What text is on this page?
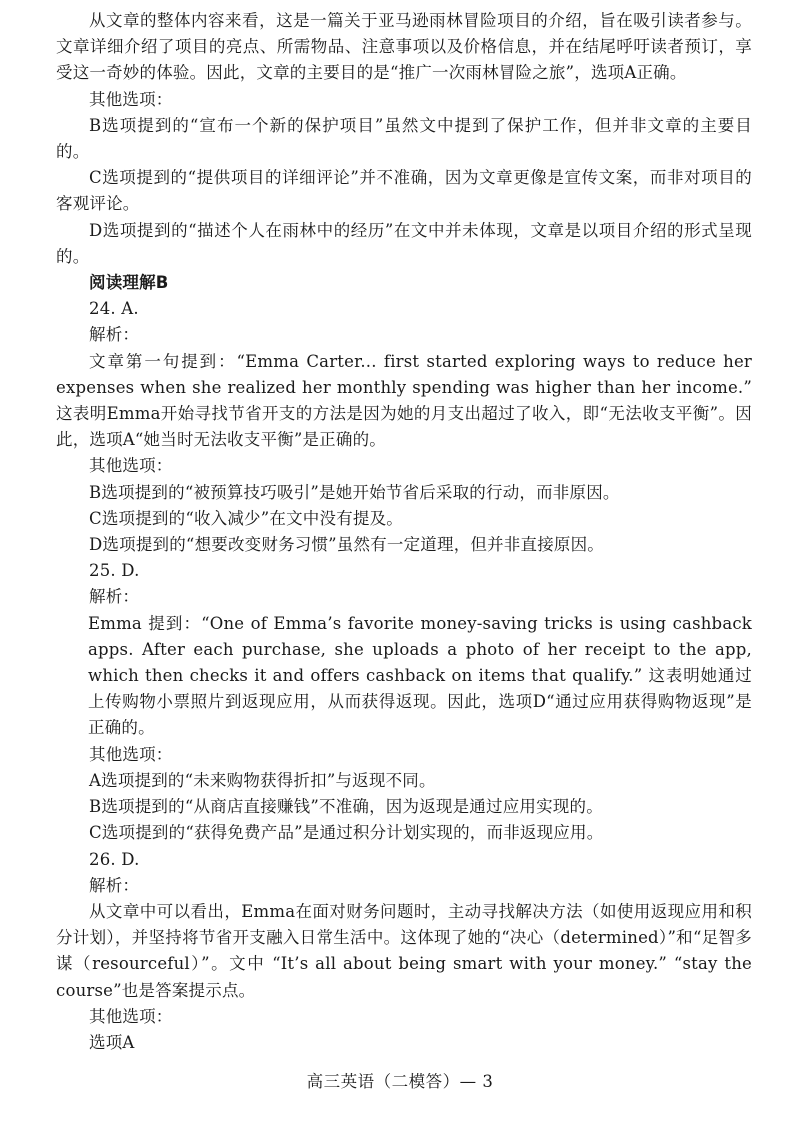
从文章的整体内容来看，这是一篇关于亚马逊雨林冒险项目的介绍，旨在吸引读者参与。文章详细介绍了项目的亮点、所需物品、注意事项以及价格信息，并在结尾呼吁读者预订，享受这一奇妙的体验。因此，文章的主要目的是“推广一次雨林冒险之旅”，选项A正确。

其他选项：

B选项提到的“宣布一个新的保护项目”虽然文中提到了保护工作，但并非文章的主要目的。

C选项提到的“提供项目的详细评论”并不准确，因为文章更像是宣传文案，而非对项目的客观评论。

D选项提到的“描述个人在雨林中的经历”在文中并未体现，文章是以项目介绍的形式呈现的。

阅读理解B

24. A.

解析：

文章第一句提到：“Emma Carter... first started exploring ways to reduce her expenses when she realized her monthly spending was higher than her income.” 这表明Emma开始寻找节省开支的方法是因为她的月支出超过了收入，即“无法收支平衡”。因此，选项A“她当时无法收支平衡”是正确的。

其他选项：

B选项提到的“被预算技巧吸引”是她开始节省后采取的行动，而非原因。

C选项提到的“收入减少”在文中没有提及。

D选项提到的“想要改变财务习惯”虽然有一定道理，但并非直接原因。

25. D.

解析：

Emma 提到：“One of Emma’s favorite money-saving tricks is using cashback apps. After each purchase, she uploads a photo of her receipt to the app, which then checks it and offers cashback on items that qualify.” 这表明她通过上传购物小票照片到返现应用，从而获得返现。因此，选项D“通过应用获得购物返现”是正确的。

其他选项：

A选项提到的“未来购物获得折扣”与返现不同。

B选项提到的“从商店直接赚钱”不准确，因为返现是通过应用实现的。

C选项提到的“获得免费产品”是通过积分计划实现的，而非返现应用。

26. D.

解析：

从文章中可以看出，Emma在面对财务问题时，主动寻找解决方法（如使用返现应用和积分计划），并坚持将节省开支融入日常生活中。这体现了她的“决心（determined）”和“足智多谋（resourceful）”。文中 “It’s all about being smart with your money.” “stay the course”也是答案提示点。

其他选项：

选项A

高三英语（二模答）— 3
